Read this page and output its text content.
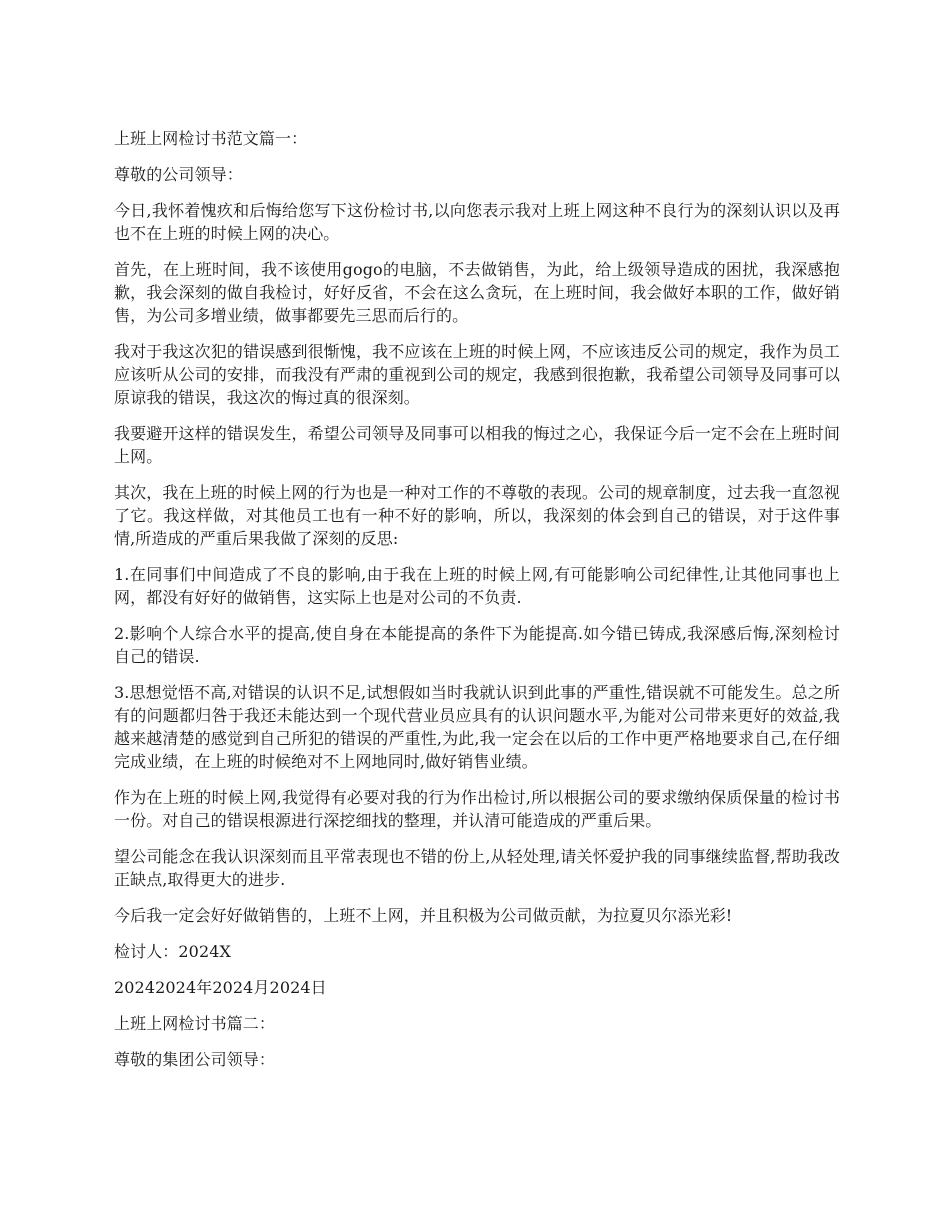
上班上网检讨书范文篇一：

尊敬的公司领导：

今日,我怀着愧疚和后悔给您写下这份检讨书,以向您表示我对上班上网这种不良行为的深刻认识以及再也不在上班的时候上网的决心。

首先，在上班时间，我不该使用gogo的电脑，不去做销售，为此，给上级领导造成的困扰，我深感抱歉，我会深刻的做自我检讨，好好反省，不会在这么贪玩，在上班时间，我会做好本职的工作，做好销售，为公司多增业绩，做事都要先三思而后行的。

我对于我这次犯的错误感到很惭愧，我不应该在上班的时候上网，不应该违反公司的规定，我作为员工应该听从公司的安排，而我没有严肃的重视到公司的规定，我感到很抱歉，我希望公司领导及同事可以原谅我的错误，我这次的悔过真的很深刻。

我要避开这样的错误发生，希望公司领导及同事可以相我的悔过之心，我保证今后一定不会在上班时间上网。

其次，我在上班的时候上网的行为也是一种对工作的不尊敬的表现。公司的规章制度，过去我一直忽视了它。我这样做，对其他员工也有一种不好的影响，所以，我深刻的体会到自己的错误，对于这件事情,所造成的严重后果我做了深刻的反思:

1.在同事们中间造成了不良的影响,由于我在上班的时候上网,有可能影响公司纪律性,让其他同事也上网，都没有好好的做销售，这实际上也是对公司的不负责.

2.影响个人综合水平的提高,使自身在本能提高的条件下为能提高.如今错已铸成,我深感后悔,深刻检讨自己的错误.

3.思想觉悟不高,对错误的认识不足,试想假如当时我就认识到此事的严重性,错误就不可能发生。总之所有的问题都归咎于我还未能达到一个现代营业员应具有的认识问题水平,为能对公司带来更好的效益,我越来越清楚的感觉到自己所犯的错误的严重性,为此,我一定会在以后的工作中更严格地要求自己,在仔细完成业绩，在上班的时候绝对不上网地同时,做好销售业绩。

作为在上班的时候上网,我觉得有必要对我的行为作出检讨,所以根据公司的要求缴纳保质保量的检讨书一份。对自己的错误根源进行深挖细找的整理，并认清可能造成的严重后果。

望公司能念在我认识深刻而且平常表现也不错的份上,从轻处理,请关怀爱护我的同事继续监督,帮助我改正缺点,取得更大的进步.

今后我一定会好好做销售的，上班不上网，并且积极为公司做贡献，为拉夏贝尔添光彩!

检讨人：2024X

20242024年2024月2024日

上班上网检讨书篇二：

尊敬的集团公司领导：
